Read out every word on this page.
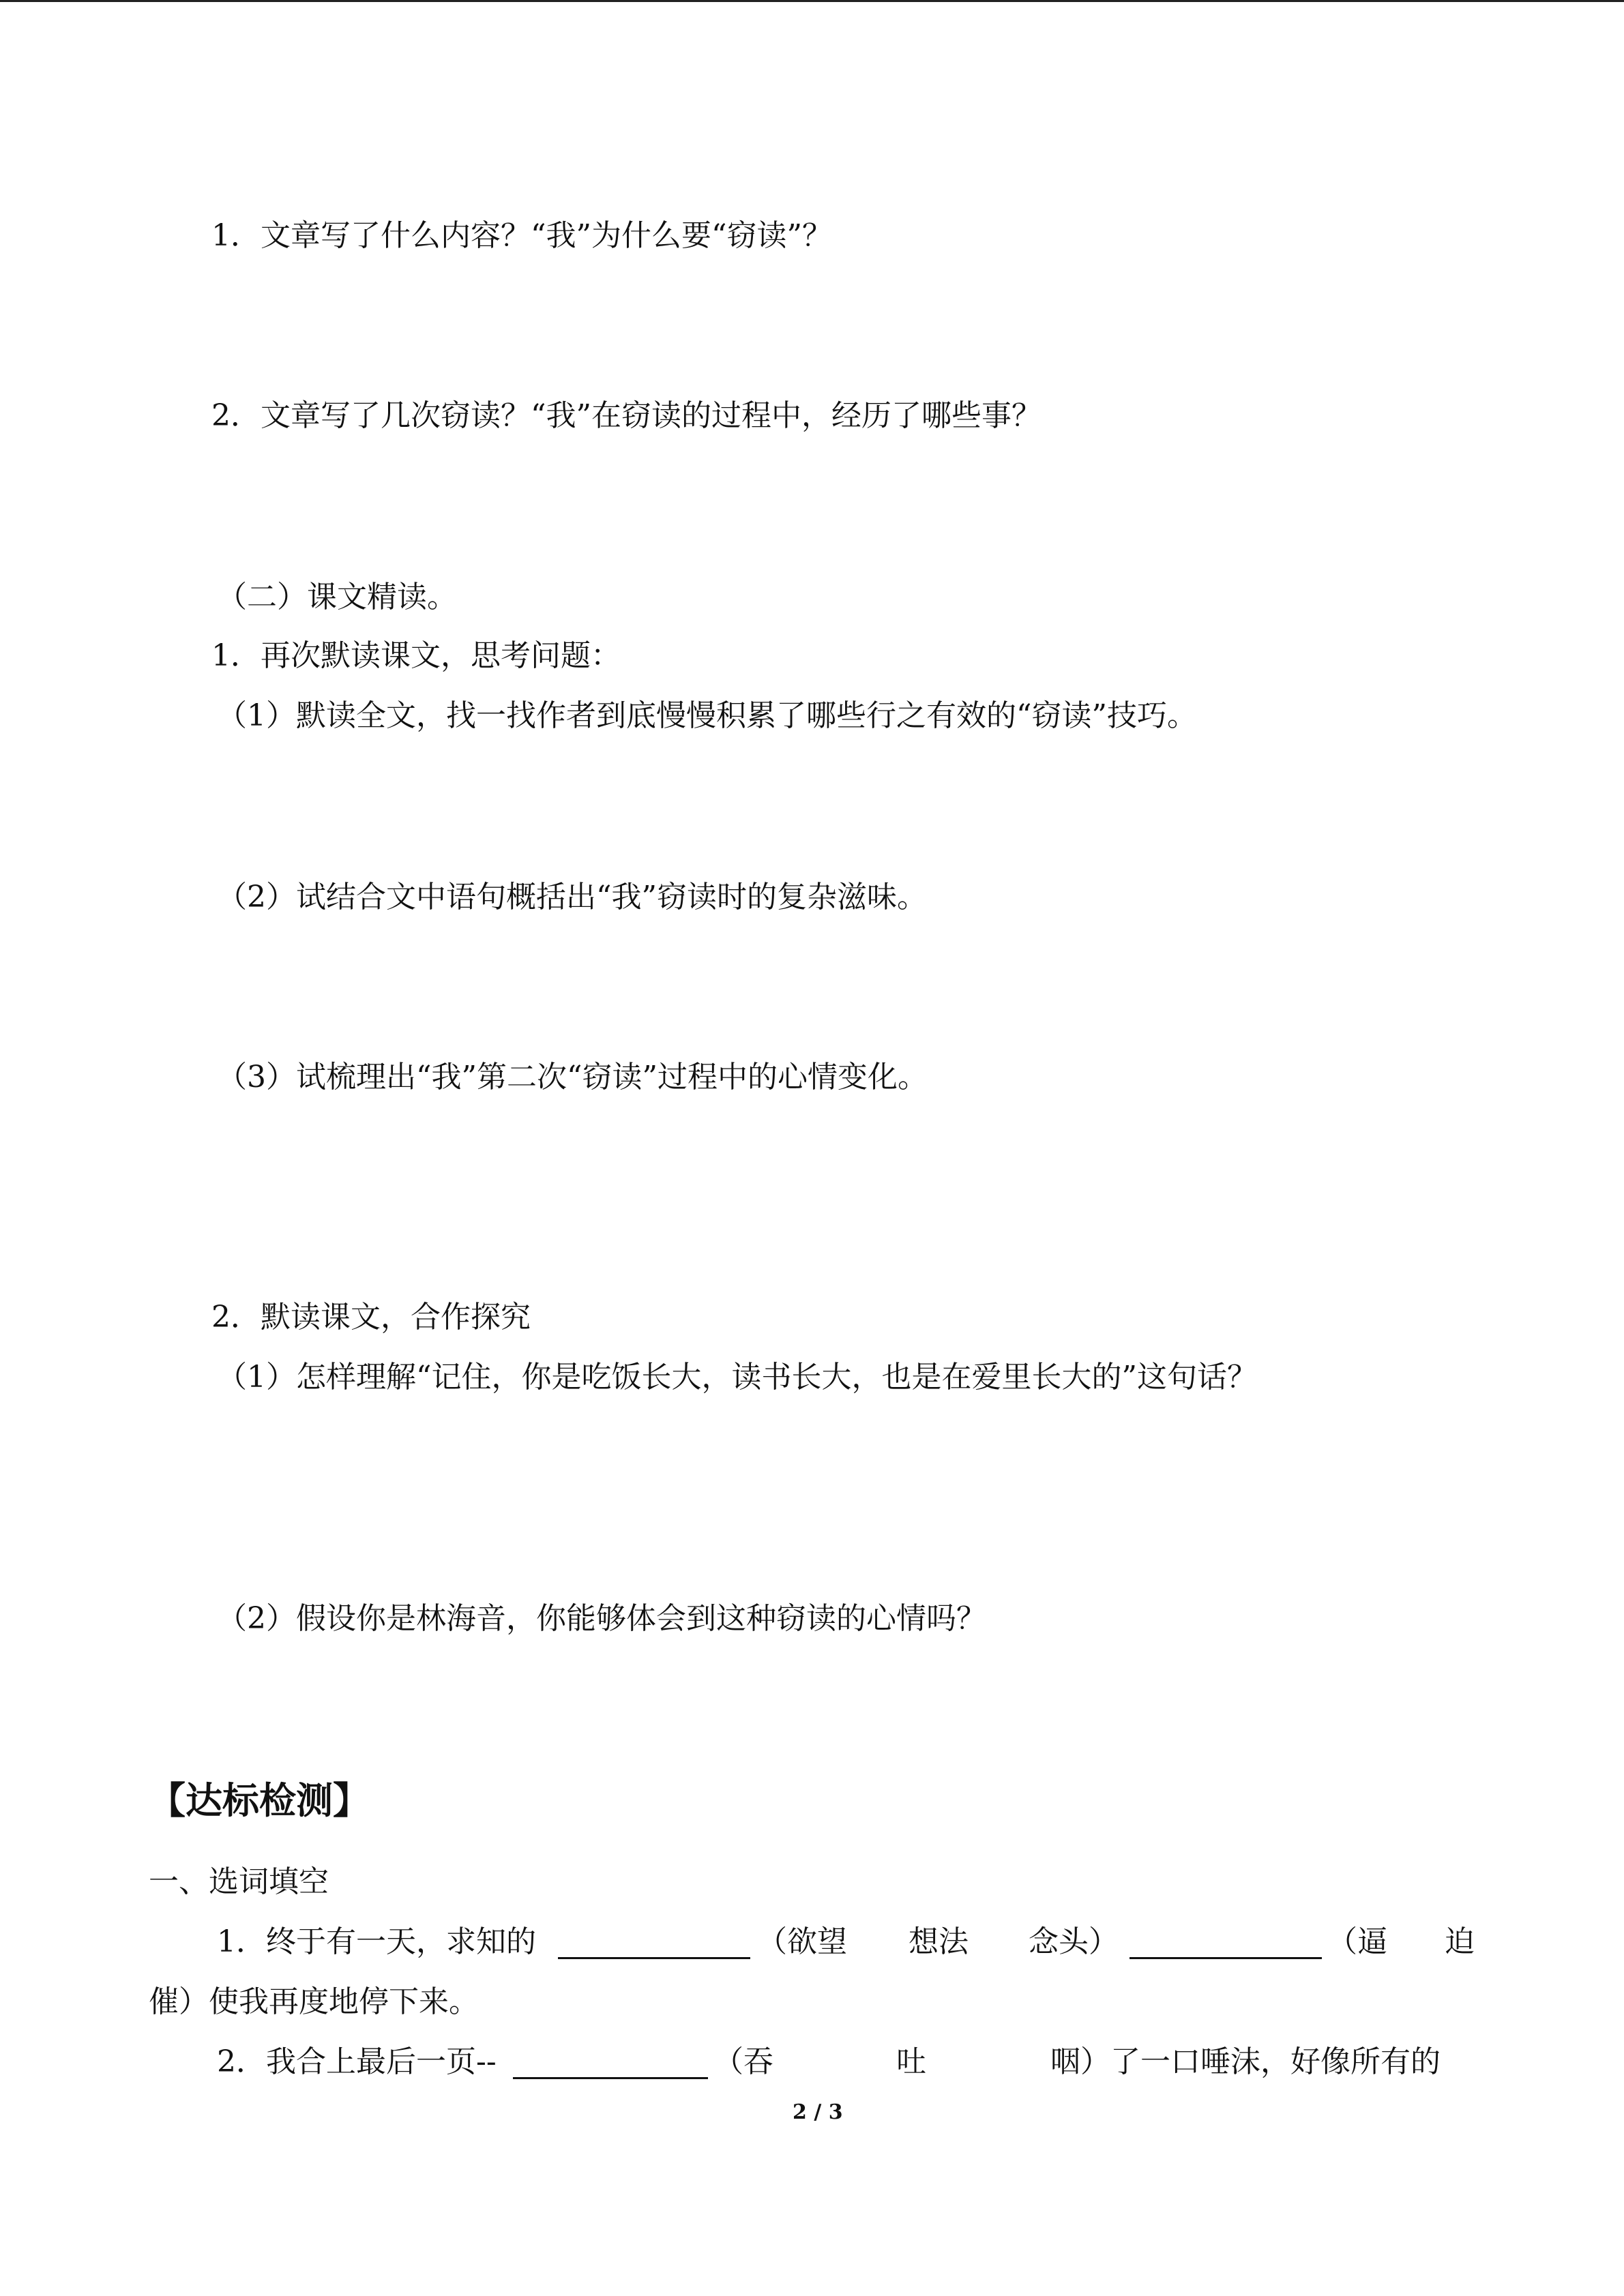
1．文章写了什么内容？“我”为什么要“窃读”？
2．文章写了几次窃读？“我”在窃读的过程中，经历了哪些事？
（二）课文精读。
1．再次默读课文，思考问题：
（1）默读全文，找一找作者到底慢慢积累了哪些行之有效的“窃读”技巧。
（2）试结合文中语句概括出“我”窃读时的复杂滋味。
（3）试梳理出“我”第二次“窃读”过程中的心情变化。
2．默读课文，合作探究
（1）怎样理解“记住，你是吃饭长大，读书长大，也是在爱里长大的”这句话？
（2）假设你是林海音，你能够体会到这种窃读的心情吗？
【达标检测】
一、选词填空
1．终于有一天，求知的	（欲望 想法 念头）	（逼 迫
催）使我再度地停下来。
2．我合上最后一页--	（吞	吐	咽）了一口唾沫，好像所有的
2 / 3
